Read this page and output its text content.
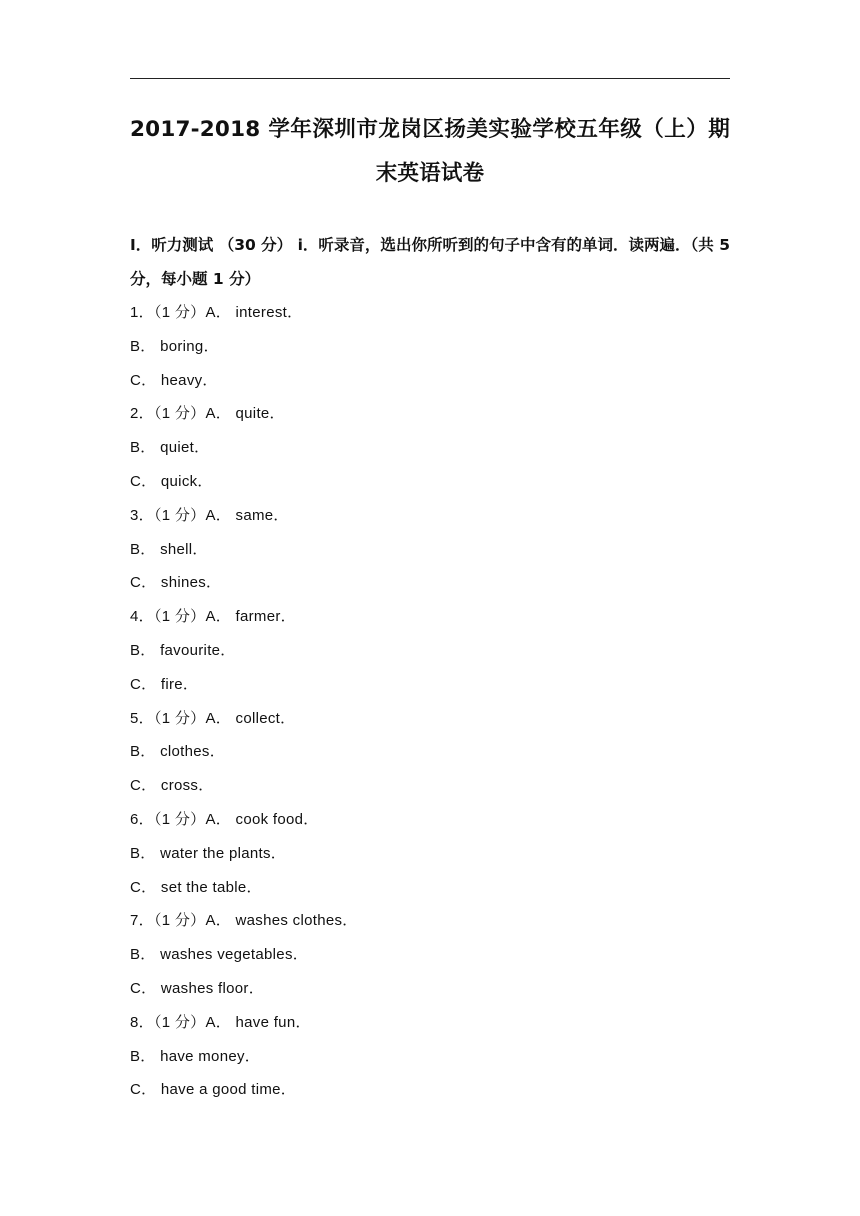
2017-2018 学年深圳市龙岗区扬美实验学校五年级（上）期末英语试卷
Ⅰ．听力测试 （30 分） ⅰ．听录音，选出你所听到的句子中含有的单词．读两遍．（共 5 分，每小题 1 分）
1．（1 分）A． interest．
B． boring．
C． heavy．
2．（1 分）A． quite．
B． quiet．
C． quick．
3．（1 分）A． same．
B． shell．
C． shines．
4．（1 分）A． farmer．
B． favourite．
C． fire．
5．（1 分）A． collect．
B． clothes．
C． cross．
6．（1 分）A． cook food．
B． water the plants．
C． set the table．
7．（1 分）A． washes clothes．
B． washes vegetables．
C． washes floor．
8．（1 分）A． have fun．
B． have money．
C． have a good time．
